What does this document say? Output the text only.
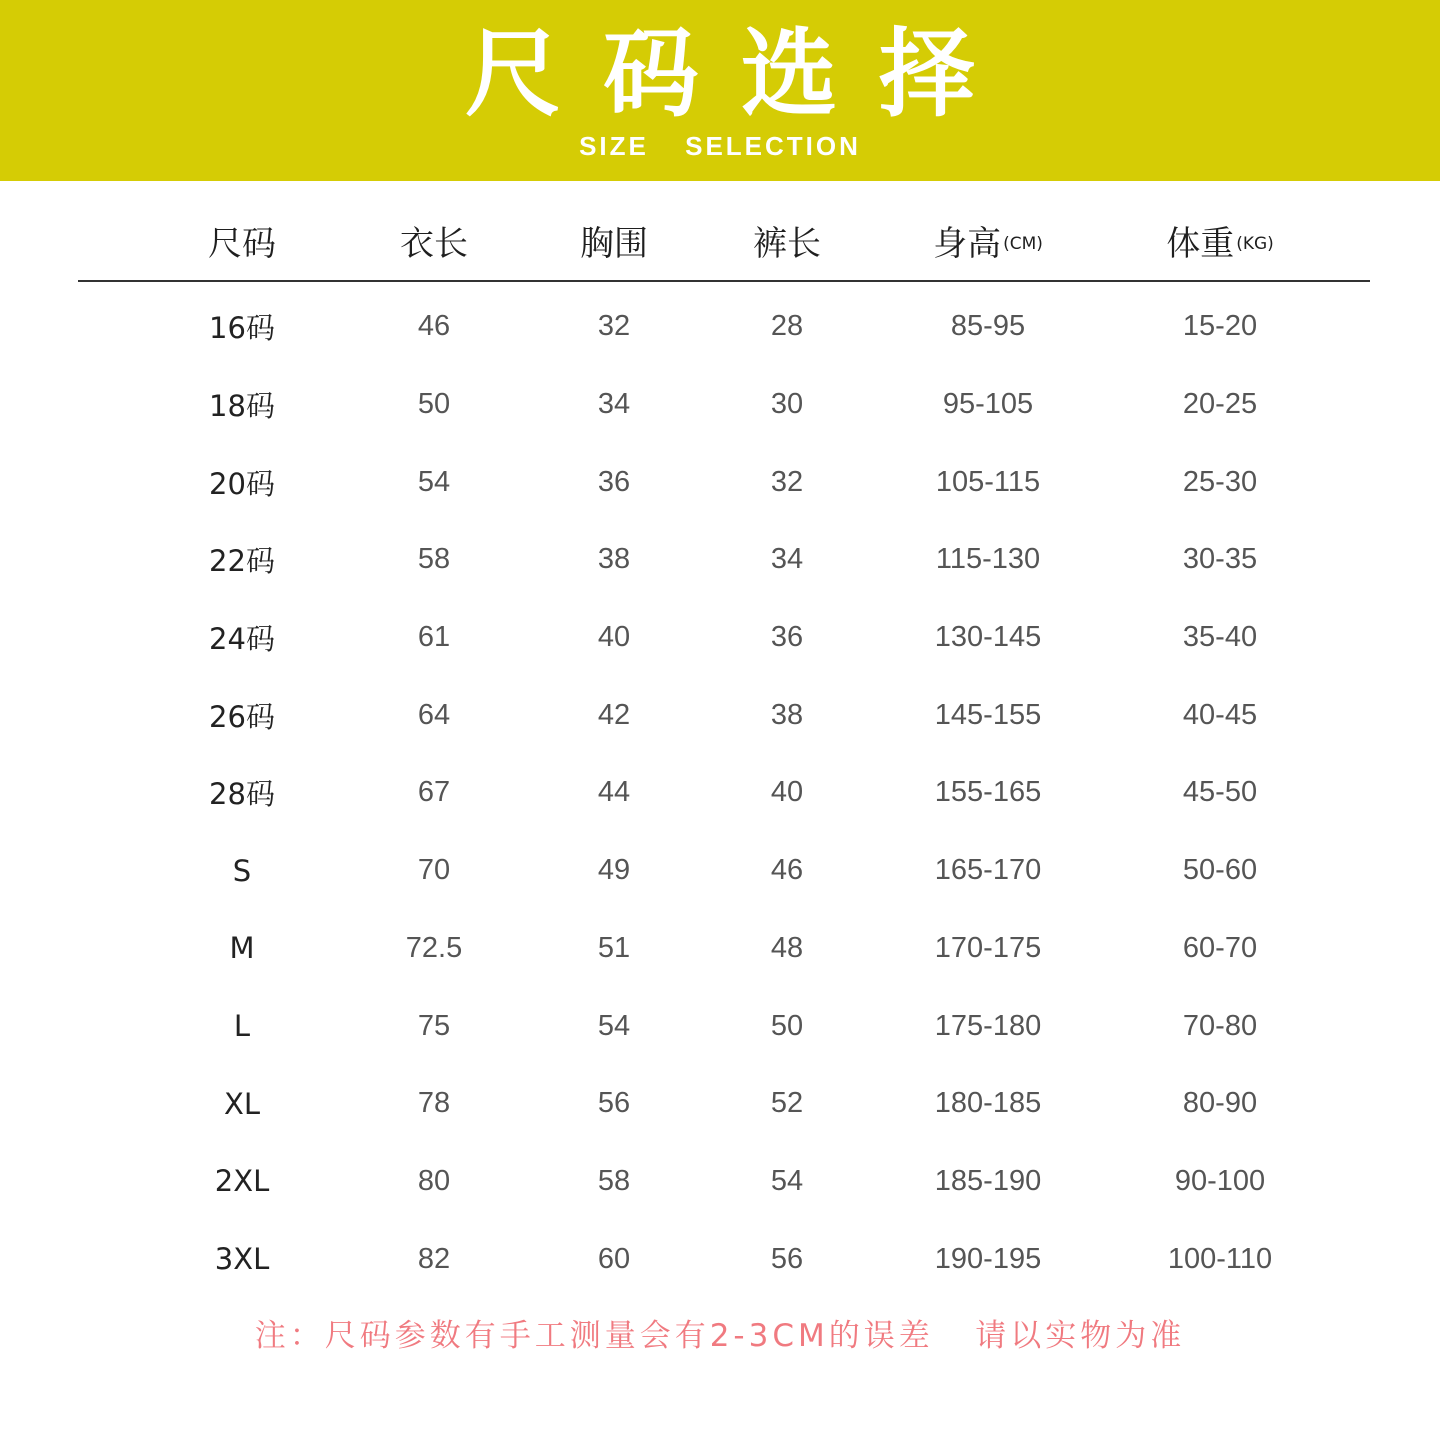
尺码选择
SIZE SELECTION
尺码	衣长	胸围	裤长	身高 (CM)	体重 (KG)
16码	46	32	28	85-95	15-20
18码	50	34	30	95-105	20-25
20码	54	36	32	105-115	25-30
22码	58	38	34	115-130	30-35
24码	61	40	36	130-145	35-40
26码	64	42	38	145-155	40-45
28码	67	44	40	155-165	45-50
S	70	49	46	165-170	50-60
M	72.5	51	48	170-175	60-70
L	75	54	50	175-180	70-80
XL	78	56	52	180-185	80-90
2XL	80	58	54	185-190	90-100
3XL	82	60	56	190-195	100-110
注：尺码参数有手工测量会有2-3CM的误差   请以实物为准
